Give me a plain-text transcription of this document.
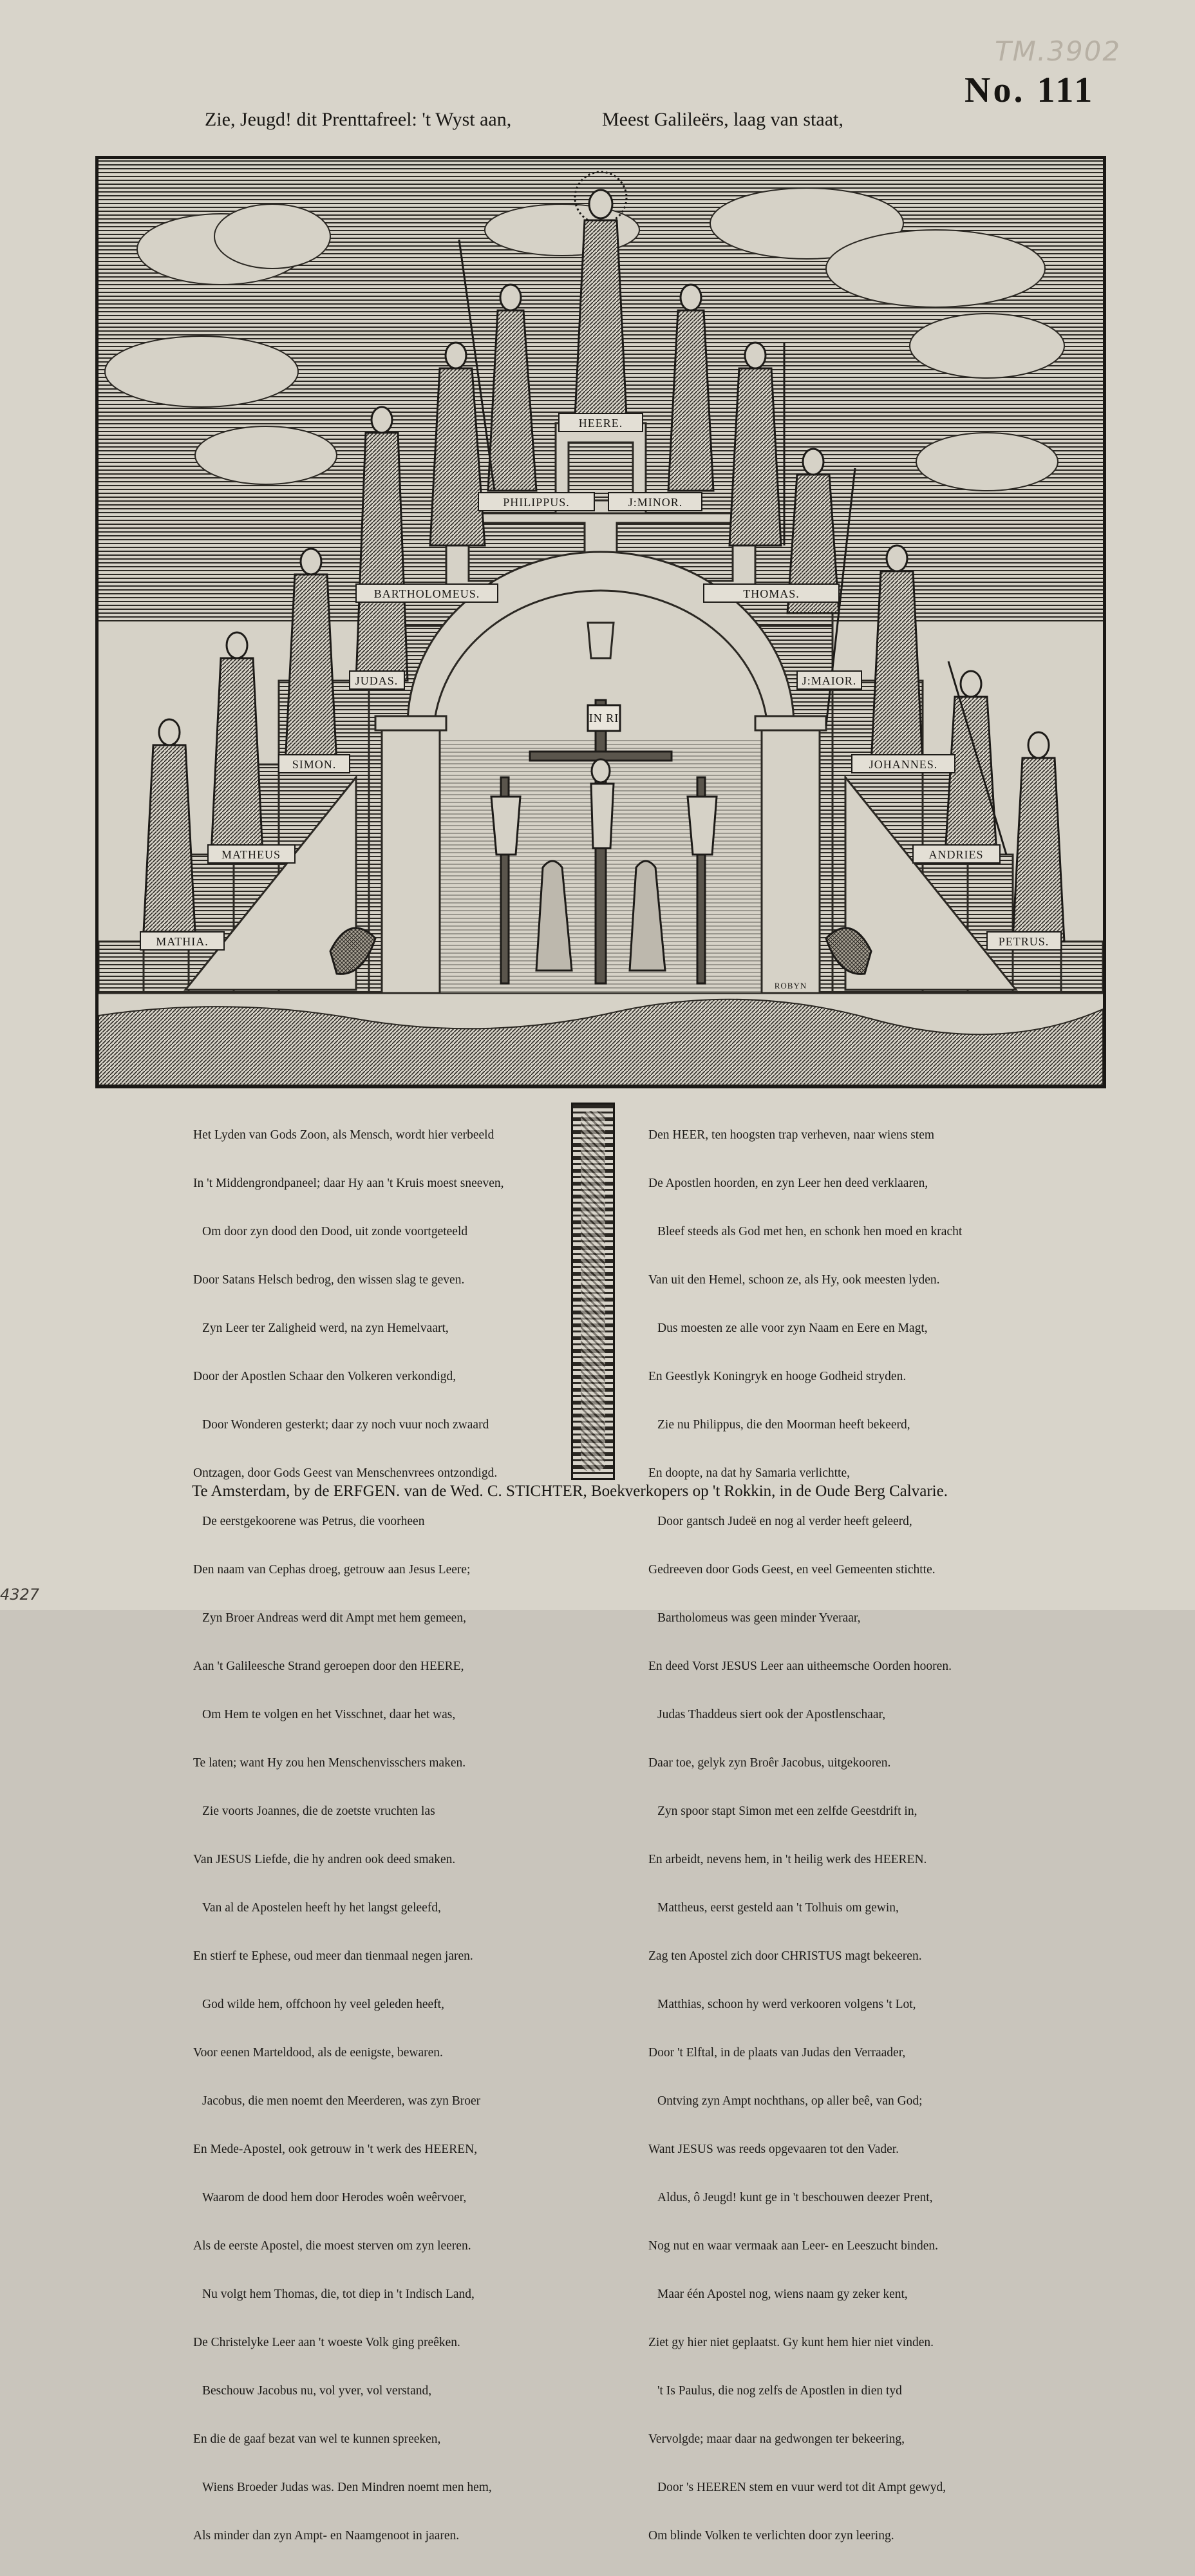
TM.3902
No. 111

Zie, Jeugd! dit Prenttafreel: 't Wyst aan,

	Meest Galileërs, laag van staat,

IN RI
HEERE.
PHILIPPUS.	J:MINOR.
BARTHOLOMEUS.	THOMAS.
JUDAS.	J:MAIOR.
SIMON.	JOHANNES.
MATHEUS	ANDRIES
MATHIA.	PETRUS.
ROBYN

Het Lyden van Gods Zoon, als Mensch, wordt hier verbeeld

In 't Middengrondpaneel; daar Hy aan 't Kruis moest sneeven,

Om door zyn dood den Dood, uit zonde voortgeteeld

Door Satans Helsch bedrog, den wissen slag te geven.

Zyn Leer ter Zaligheid werd, na zyn Hemelvaart,

Door der Apostlen Schaar den Volkeren verkondigd,

Door Wonderen gesterkt; daar zy noch vuur noch zwaard

Ontzagen, door Gods Geest van Menschenvrees ontzondigd.

De eerstgekoorene was Petrus, die voorheen

Den naam van Cephas droeg, getrouw aan Jesus Leere;

Zyn Broer Andreas werd dit Ampt met hem gemeen,

Aan 't Galileesche Strand geroepen door den HEERE,

Om Hem te volgen en het Visschnet, daar het was,

Te laten; want Hy zou hen Menschenvisschers maken.

Zie voorts Joannes, die de zoetste vruchten las

Van JESUS Liefde, die hy andren ook deed smaken.

Van al de Apostelen heeft hy het langst geleefd,

En stierf te Ephese, oud meer dan tienmaal negen jaren.

God wilde hem, offchoon hy veel geleden heeft,

Voor eenen Marteldood, als de eenigste, bewaren.

Jacobus, die men noemt den Meerderen, was zyn Broer

En Mede-Apostel, ook getrouw in 't werk des HEEREN,

Waarom de dood hem door Herodes woên weêrvoer,

Als de eerste Apostel, die moest sterven om zyn leeren.

Nu volgt hem Thomas, die, tot diep in 't Indisch Land,

De Christelyke Leer aan 't woeste Volk ging preêken.

Beschouw Jacobus nu, vol yver, vol verstand,

En die de gaaf bezat van wel te kunnen spreeken,

Wiens Broeder Judas was. Den Mindren noemt men hem,

Als minder dan zyn Ampt- en Naamgenoot in jaaren.

Den HEER, ten hoogsten trap verheven, naar wiens stem

De Apostlen hoorden, en zyn Leer hen deed verklaaren,

Bleef steeds als God met hen, en schonk hen moed en kracht

Van uit den Hemel, schoon ze, als Hy, ook meesten lyden.

Dus moesten ze alle voor zyn Naam en Eere en Magt,

En Geestlyk Koningryk en hooge Godheid stryden.

Zie nu Philippus, die den Moorman heeft bekeerd,

En doopte, na dat hy Samaria verlichtte,

Door gantsch Judeë en nog al verder heeft geleerd,

Gedreeven door Gods Geest, en veel Gemeenten stichtte.

Bartholomeus was geen minder Yveraar,

En deed Vorst JESUS Leer aan uitheemsche Oorden hooren.

Judas Thaddeus siert ook der Apostlenschaar,

Daar toe, gelyk zyn Broêr Jacobus, uitgekooren.

Zyn spoor stapt Simon met een zelfde Geestdrift in,

En arbeidt, nevens hem, in 't heilig werk des HEEREN.

Mattheus, eerst gesteld aan 't Tolhuis om gewin,

Zag ten Apostel zich door CHRISTUS magt bekeeren.

Matthias, schoon hy werd verkooren volgens 't Lot,

Door 't Elftal, in de plaats van Judas den Verraader,

Ontving zyn Ampt nochthans, op aller beê, van God;

Want JESUS was reeds opgevaaren tot den Vader.

Aldus, ô Jeugd! kunt ge in 't beschouwen deezer Prent,

Nog nut en waar vermaak aan Leer- en Leeszucht binden.

Maar één Apostel nog, wiens naam gy zeker kent,

Ziet gy hier niet geplaatst. Gy kunt hem hier niet vinden.

't Is Paulus, die nog zelfs de Apostlen in dien tyd

Vervolgde; maar daar na gedwongen ter bekeering,

Door 's HEEREN stem en vuur werd tot dit Ampt gewyd,

Om blinde Volken te verlichten door zyn leering.

Te Amsterdam, by de ERFGEN. van de Wed. C. STICHTER, Boekverkopers op 't Rokkin, in de Oude Berg Calvarie.
4327
